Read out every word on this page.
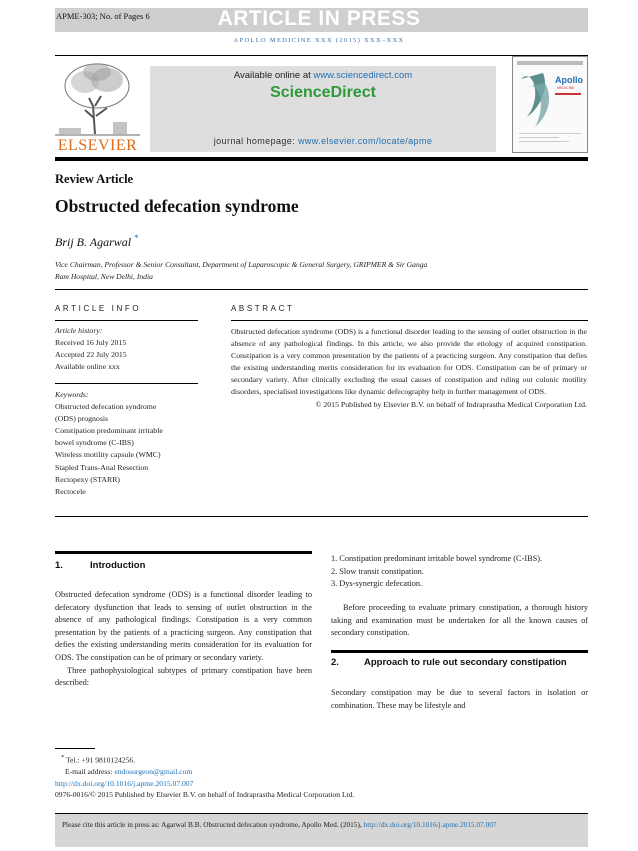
APME-303; No. of Pages 6	ARTICLE IN PRESS
APOLLO MEDICINE XXX (2015) XXX–XXX
ELSEVIER
Available online at www.sciencedirect.com
ScienceDirect
journal homepage: www.elsevier.com/locate/apme
Apollo
MEDICINE
Review Article
Obstructed defecation syndrome
Brij B. Agarwal *
Vice Chairman, Professor & Senior Consultant, Department of Laparoscopic & General Surgery, GRIPMER & Sir Ganga
Ram Hospital, New Delhi, India
ARTICLE INFO
Article history:
Received 16 July 2015
Accepted 22 July 2015
Available online xxx
Keywords:
Obstructed defecation syndrome
(ODS) prognosis
Constipation predominant irritable
bowel syndrome (C-IBS)
Wireless motility capsule (WMC)
Stapled Trans-Anal Resection
Rectopexy (STARR)
Rectocele
ABSTRACT

Obstructed defecation syndrome (ODS) is a functional disorder leading to the sensing of outlet obstruction in the absence of any pathological findings. In this article, we also provide the etiology of acquired constipation. Constipation is a very common presentation by the patients of a practicing surgeon. Any constipation that defies the existing understanding merits consideration for its evaluation for ODS. Constipation can be of primary or secondary variety. After clinically excluding the usual causes of constipation and ruling out colonic motility disorders, specialised investigations like dynamic defecography help in further management of ODS.

© 2015 Published by Elsevier B.V. on behalf of Indraprastha Medical Corporation Ltd.

1.	Introduction

Obstructed defecation syndrome (ODS) is a functional disorder leading to defecatory dysfunction that leads to sensing of outlet obstruction in the absence of any pathological findings. Constipation is a very common presentation by the patients of a practicing surgeon. Any constipation that defies the existing understanding merits consideration for its evaluation for ODS. The constipation can be of primary or secondary variety.

Three pathophysiological subtypes of primary constipation have been described:

1. Constipation predominant irritable bowel syndrome (C-IBS).
2. Slow transit constipation.
3. Dys-synergic defecation.

Before proceeding to evaluate primary constipation, a thorough history taking and examination must be undertaken for all the known causes of secondary constipation.

2.	Approach to rule out secondary constipation

Secondary constipation may be due to several factors in isolation or combination. These may be lifestyle and

* Tel.: +91 9810124256.
E-mail address: endosurgeon@gmail.com
http://dx.doi.org/10.1016/j.apme.2015.07.007
0976-0016/© 2015 Published by Elsevier B.V. on behalf of Indraprastha Medical Corporation Ltd.
Please cite this article in press as: Agarwal B.B. Obstructed defecation syndrome, Apollo Med. (2015), http://dx.doi.org/10.1016/j.apme.2015.07.007
